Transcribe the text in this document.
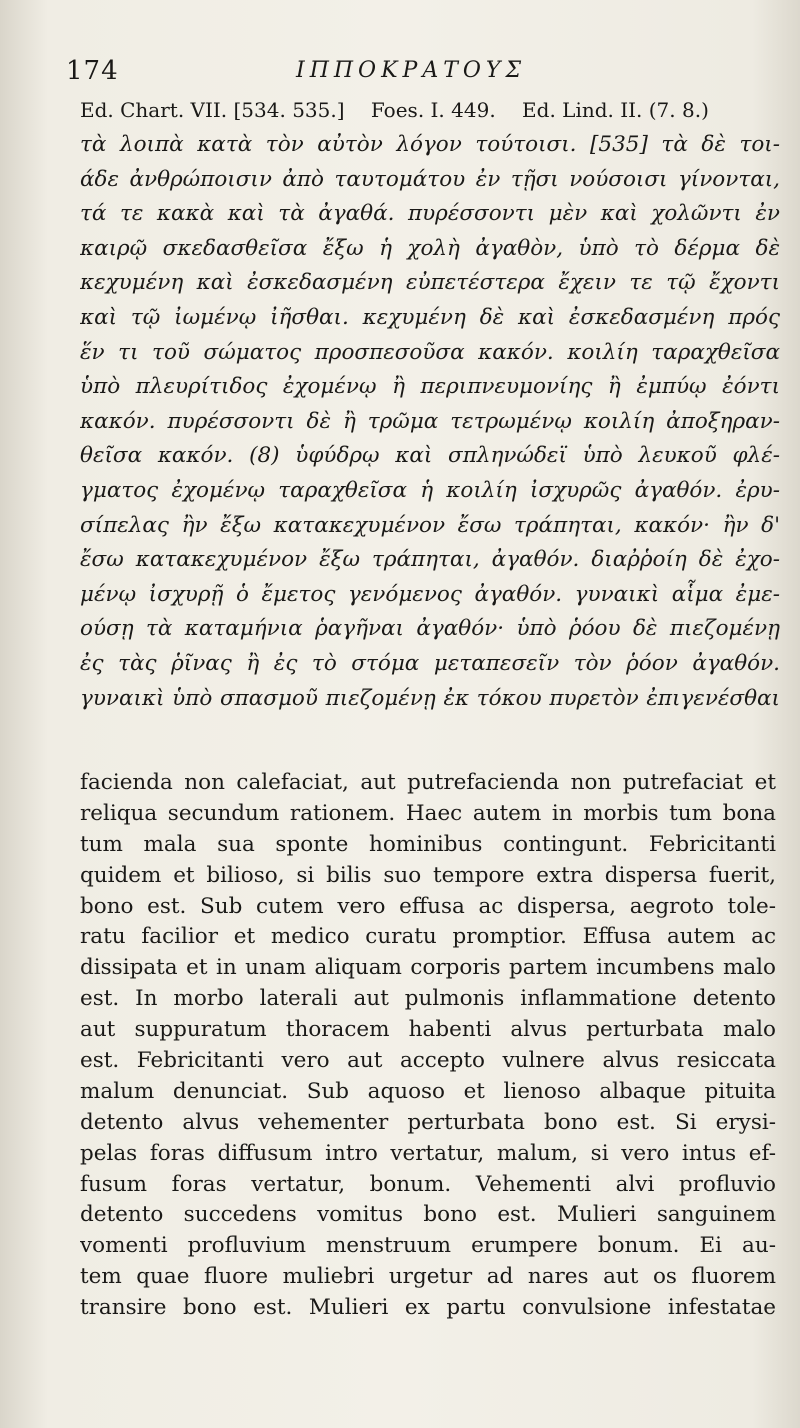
174	ΙΠΠΟΚΡΑΤΟΥΣ
Ed. Chart. VII. [534. 535.] Foes. I. 449. Ed. Lind. II. (7. 8.)
τὰ λοιπὰ κατὰ τὸν αὐτὸν λόγον τούτοισι. [535] τὰ δὲ τοι-
άδε ἀνθρώποισιν ἀπὸ ταυτομάτου ἐν τῇσι νούσοισι γίνονται,
τά τε κακὰ καὶ τὰ ἀγαθά. πυρέσσοντι μὲν καὶ χολῶντι ἐν
καιρῷ σκεδασθεῖσα ἔξω ἡ χολὴ ἀγαθὸν, ὑπὸ τὸ δέρμα δὲ
κεχυμένη καὶ ἐσκεδασμένη εὐπετέστερα ἔχειν τε τῷ ἔχοντι
καὶ τῷ ἰωμένῳ ἰῆσθαι. κεχυμένη δὲ καὶ ἐσκεδασμένη πρός
ἕν τι τοῦ σώματος προσπεσοῦσα κακόν. κοιλίη ταραχθεῖσα
ὑπὸ πλευρίτιδος ἐχομένῳ ἢ περιπνευμονίης ἢ ἐμπύῳ ἐόντι
κακόν. πυρέσσοντι δὲ ἢ τρῶμα τετρωμένῳ κοιλίη ἀποξηραν-
θεῖσα κακόν. (8) ὑφύδρῳ καὶ σπληνώδεϊ ὑπὸ λευκοῦ φλέ-
γματος ἐχομένῳ ταραχθεῖσα ἡ κοιλίη ἰσχυρῶς ἀγαθόν. ἐρυ-
σίπελας ἢν ἔξω κατακεχυμένον ἔσω τράπηται, κακόν· ἢν δ'
ἔσω κατακεχυμένον ἔξω τράπηται, ἀγαθόν. διαῤῥοίη δὲ ἐχο-
μένῳ ἰσχυρῇ ὁ ἔμετος γενόμενος ἀγαθόν. γυναικὶ αἷμα ἐμε-
ούσῃ τὰ καταμήνια ῥαγῆναι ἀγαθόν· ὑπὸ ῥόου δὲ πιεζομένῃ
ἐς τὰς ῥῖνας ἢ ἐς τὸ στόμα μεταπεσεῖν τὸν ῥόον ἀγαθόν.
γυναικὶ ὑπὸ σπασμοῦ πιεζομένῃ ἐκ τόκου πυρετὸν ἐπιγενέσθαι
facienda non calefaciat, aut putrefacienda non putrefaciat et
reliqua secundum rationem. Haec autem in morbis tum bona
tum mala sua sponte hominibus contingunt. Febricitanti
quidem et bilioso, si bilis suo tempore extra dispersa fuerit,
bono est. Sub cutem vero effusa ac dispersa, aegroto tole-
ratu facilior et medico curatu promptior. Effusa autem ac
dissipata et in unam aliquam corporis partem incumbens malo
est. In morbo laterali aut pulmonis inflammatione detento
aut suppuratum thoracem habenti alvus perturbata malo
est. Febricitanti vero aut accepto vulnere alvus resiccata
malum denunciat. Sub aquoso et lienoso albaque pituita
detento alvus vehementer perturbata bono est. Si erysi-
pelas foras diffusum intro vertatur, malum, si vero intus ef-
fusum foras vertatur, bonum. Vehementi alvi profluvio
detento succedens vomitus bono est. Mulieri sanguinem
vomenti profluvium menstruum erumpere bonum. Ei au-
tem quae fluore muliebri urgetur ad nares aut os fluorem
transire bono est. Mulieri ex partu convulsione infestatae
